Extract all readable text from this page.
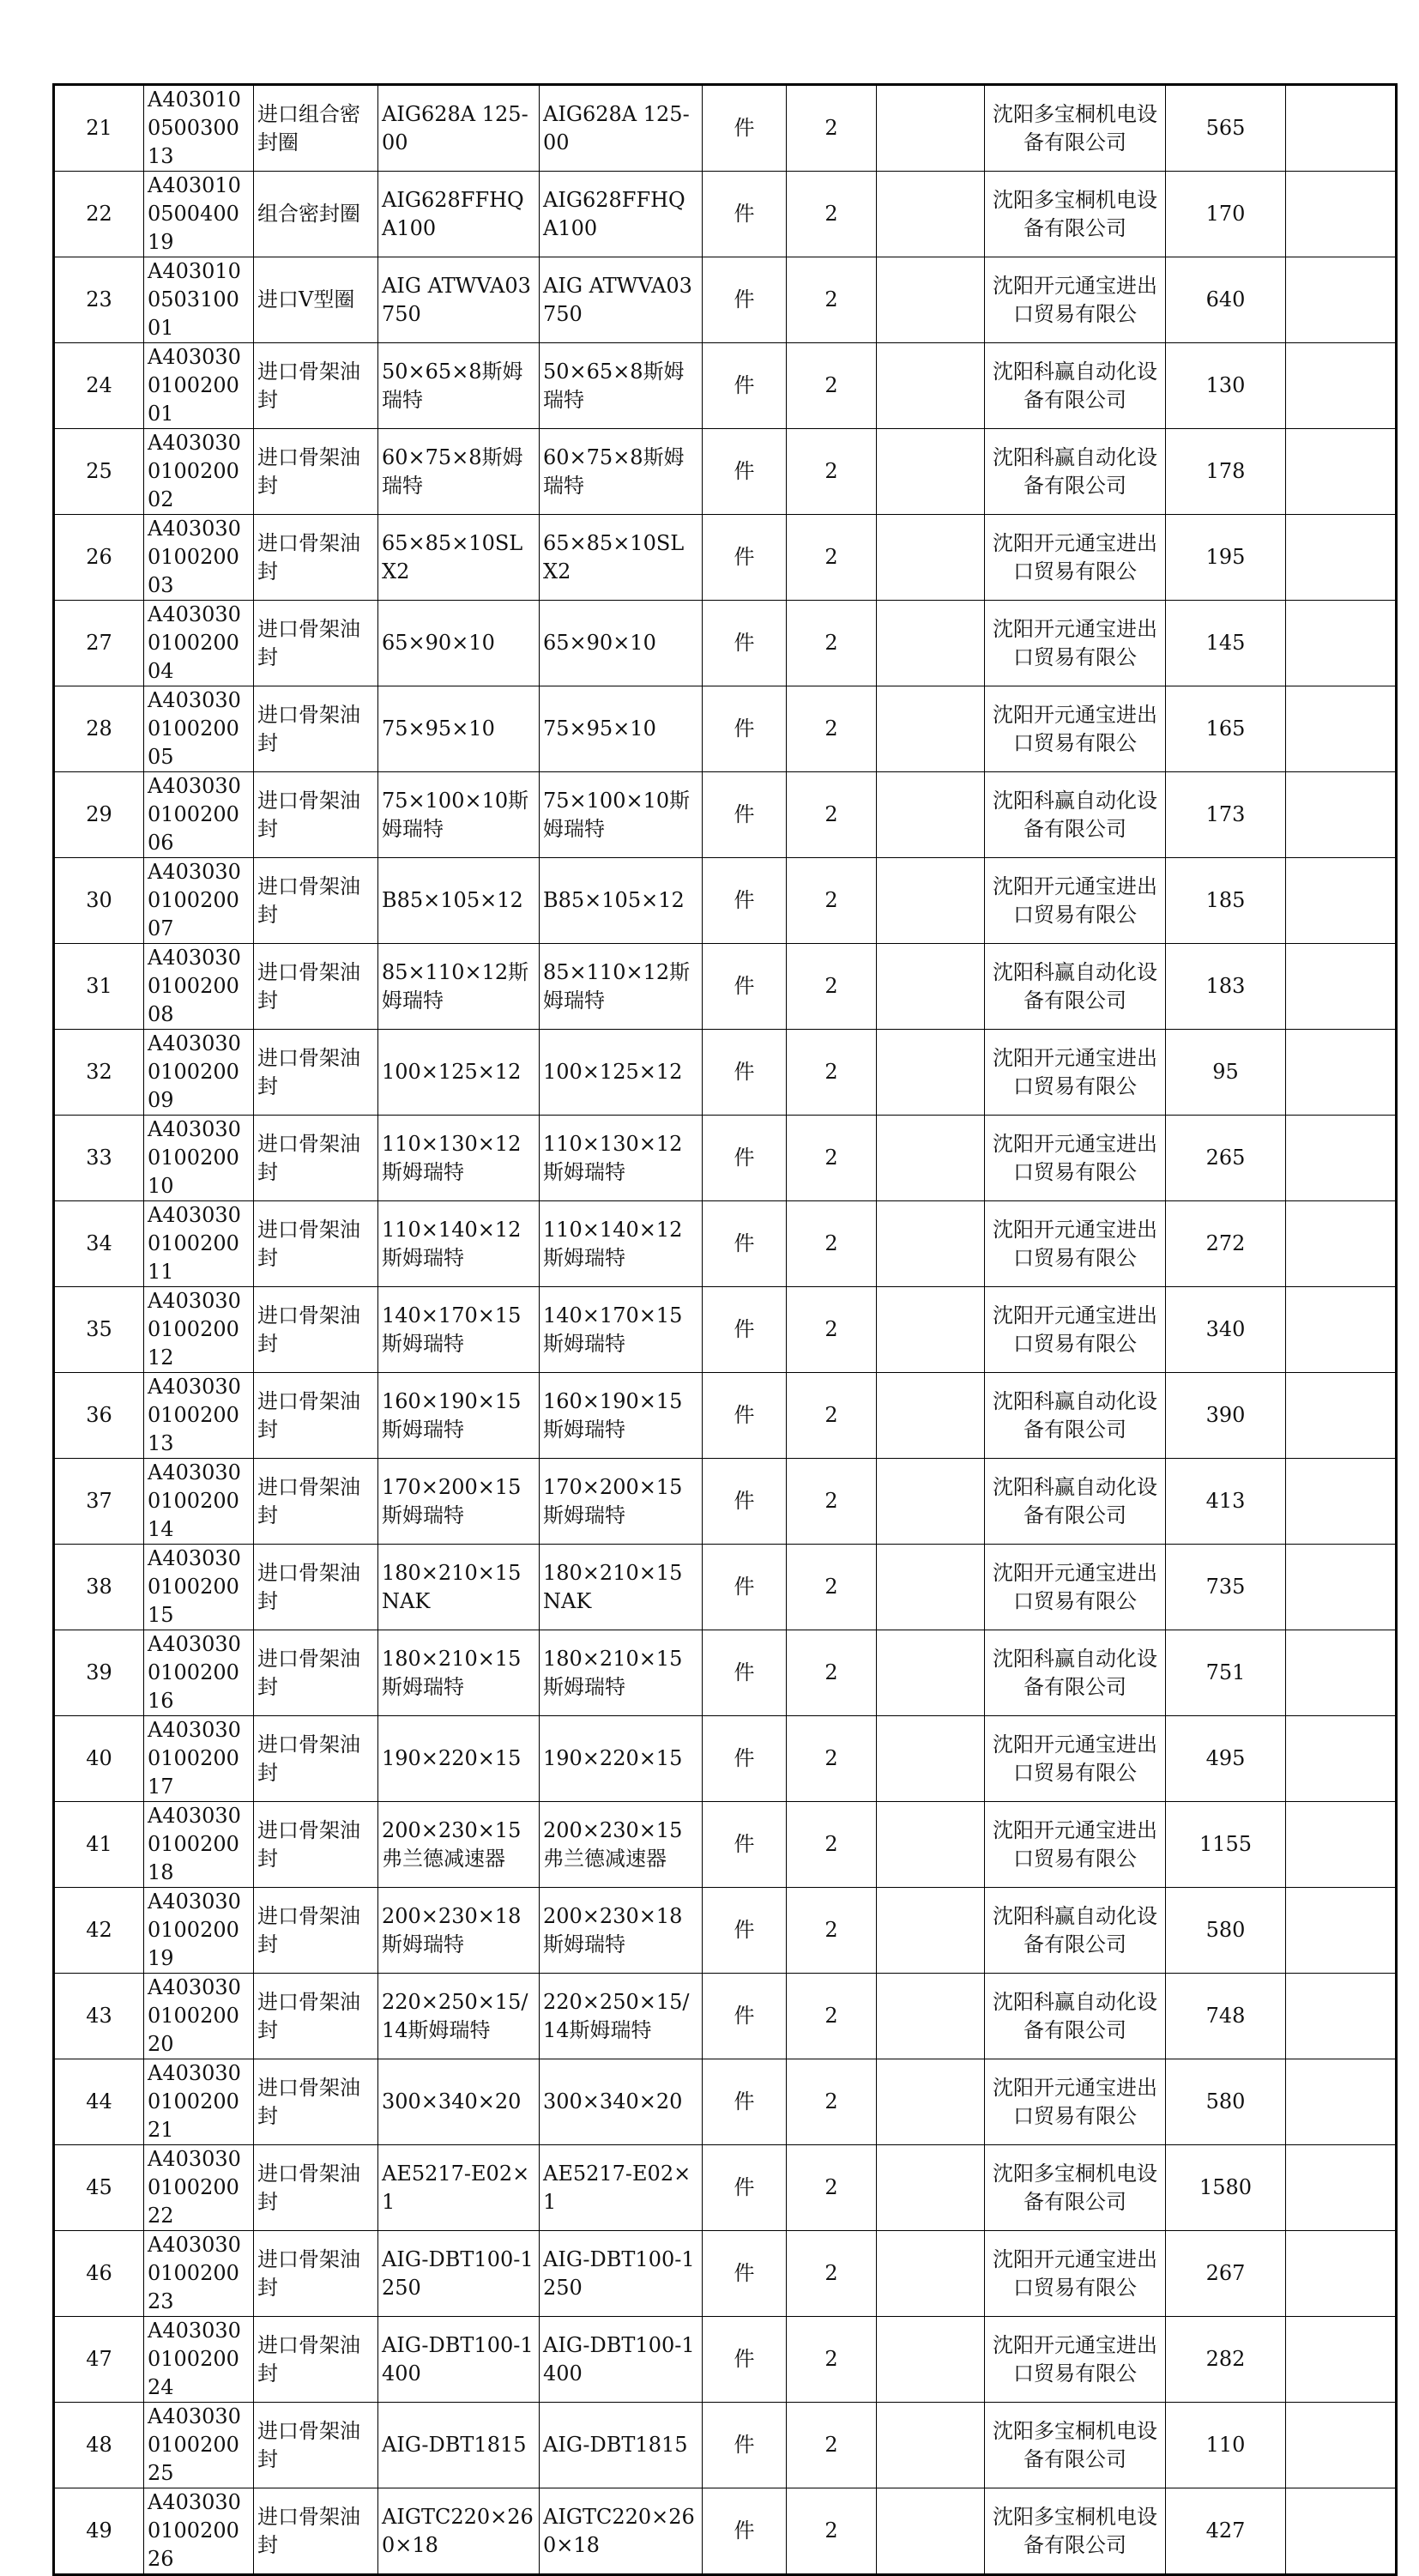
21	A403010050030013	进口组合密封圈	AIG628A 125-00	AIG628A 125-00	件	2		沈阳多宝桐机电设备有限公司	565	
22	A403010050040019	组合密封圈	AIG628FFHQA100	AIG628FFHQA100	件	2		沈阳多宝桐机电设备有限公司	170	
23	A403010050310001	进口V型圈	AIG ATWVA03750	AIG ATWVA03750	件	2		沈阳开元通宝进出口贸易有限公	640	
24	A403030010020001	进口骨架油封	50×65×8斯姆瑞特	50×65×8斯姆瑞特	件	2		沈阳科赢自动化设备有限公司	130	
25	A403030010020002	进口骨架油封	60×75×8斯姆瑞特	60×75×8斯姆瑞特	件	2		沈阳科赢自动化设备有限公司	178	
26	A403030010020003	进口骨架油封	65×85×10SLX2	65×85×10SLX2	件	2		沈阳开元通宝进出口贸易有限公	195	
27	A403030010020004	进口骨架油封	65×90×10	65×90×10	件	2		沈阳开元通宝进出口贸易有限公	145	
28	A403030010020005	进口骨架油封	75×95×10	75×95×10	件	2		沈阳开元通宝进出口贸易有限公	165	
29	A403030010020006	进口骨架油封	75×100×10斯姆瑞特	75×100×10斯姆瑞特	件	2		沈阳科赢自动化设备有限公司	173	
30	A403030010020007	进口骨架油封	B85×105×12	B85×105×12	件	2		沈阳开元通宝进出口贸易有限公	185	
31	A403030010020008	进口骨架油封	85×110×12斯姆瑞特	85×110×12斯姆瑞特	件	2		沈阳科赢自动化设备有限公司	183	
32	A403030010020009	进口骨架油封	100×125×12	100×125×12	件	2		沈阳开元通宝进出口贸易有限公	95	
33	A403030010020010	进口骨架油封	110×130×12斯姆瑞特	110×130×12斯姆瑞特	件	2		沈阳开元通宝进出口贸易有限公	265	
34	A403030010020011	进口骨架油封	110×140×12斯姆瑞特	110×140×12斯姆瑞特	件	2		沈阳开元通宝进出口贸易有限公	272	
35	A403030010020012	进口骨架油封	140×170×15斯姆瑞特	140×170×15斯姆瑞特	件	2		沈阳开元通宝进出口贸易有限公	340	
36	A403030010020013	进口骨架油封	160×190×15斯姆瑞特	160×190×15斯姆瑞特	件	2		沈阳科赢自动化设备有限公司	390	
37	A403030010020014	进口骨架油封	170×200×15斯姆瑞特	170×200×15斯姆瑞特	件	2		沈阳科赢自动化设备有限公司	413	
38	A403030010020015	进口骨架油封	180×210×15NAK	180×210×15NAK	件	2		沈阳开元通宝进出口贸易有限公	735	
39	A403030010020016	进口骨架油封	180×210×15斯姆瑞特	180×210×15斯姆瑞特	件	2		沈阳科赢自动化设备有限公司	751	
40	A403030010020017	进口骨架油封	190×220×15	190×220×15	件	2		沈阳开元通宝进出口贸易有限公	495	
41	A403030010020018	进口骨架油封	200×230×15弗兰德减速器	200×230×15弗兰德减速器	件	2		沈阳开元通宝进出口贸易有限公	1155	
42	A403030010020019	进口骨架油封	200×230×18斯姆瑞特	200×230×18斯姆瑞特	件	2		沈阳科赢自动化设备有限公司	580	
43	A403030010020020	进口骨架油封	220×250×15/14斯姆瑞特	220×250×15/14斯姆瑞特	件	2		沈阳科赢自动化设备有限公司	748	
44	A403030010020021	进口骨架油封	300×340×20	300×340×20	件	2		沈阳开元通宝进出口贸易有限公	580	
45	A403030010020022	进口骨架油封	AE5217-E02×1	AE5217-E02×1	件	2		沈阳多宝桐机电设备有限公司	1580	
46	A403030010020023	进口骨架油封	AIG-DBT100-1250	AIG-DBT100-1250	件	2		沈阳开元通宝进出口贸易有限公	267	
47	A403030010020024	进口骨架油封	AIG-DBT100-1400	AIG-DBT100-1400	件	2		沈阳开元通宝进出口贸易有限公	282	
48	A403030010020025	进口骨架油封	AIG-DBT1815	AIG-DBT1815	件	2		沈阳多宝桐机电设备有限公司	110	
49	A403030010020026	进口骨架油封	AIGTC220×260×18	AIGTC220×260×18	件	2		沈阳多宝桐机电设备有限公司	427	
